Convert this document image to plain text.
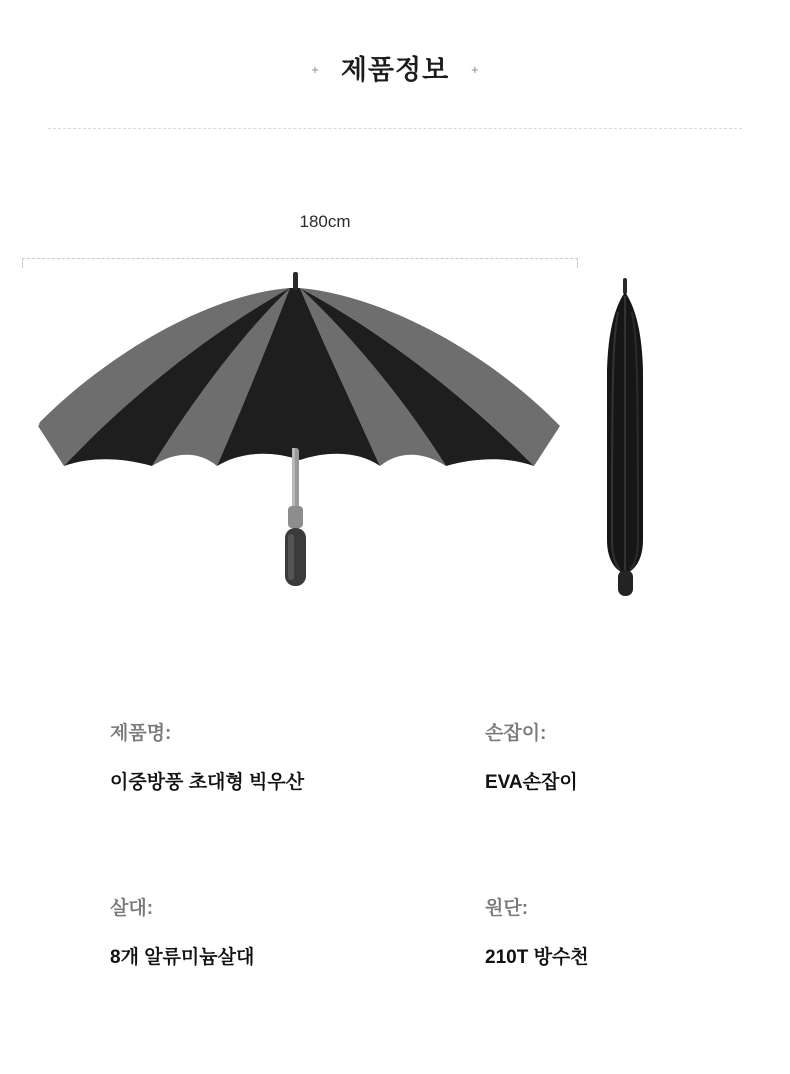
+ 제품정보 +
180cm
제품명:
이중방풍 초대형 빅우산
손잡이:
EVA손잡이
살대:
8개 알류미늄살대
원단:
210T 방수천
